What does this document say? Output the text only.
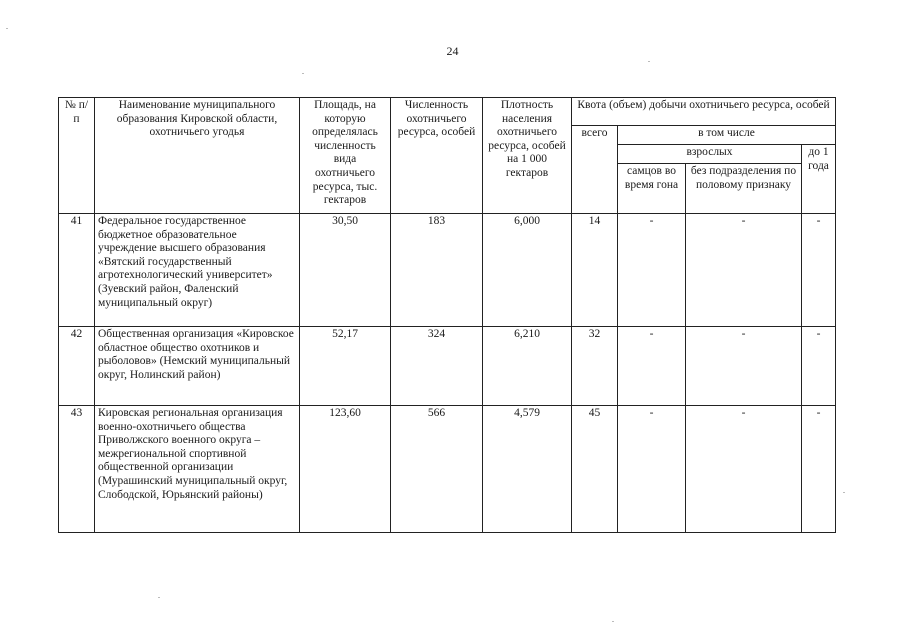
24
№ п/п	Наименование муниципального образования Кировской области, охотничьего угодья	Площадь, на которую определялась численность вида охотничьего ресурса, тыс. гектаров	Численность охотничьего ресурса, особей	Плотность населения охотничьего ресурса, особей на 1 000 гектаров	Квота (объем) добычи охотничьего ресурса, особей			
					всего	в том числе		
						взрослых		до 1 года
						самцов во время гона	без подразделения по половому признаку	
41	Федеральное государственное бюджетное образовательное учреждение высшего образования «Вятский государственный агротехнологический университет» (Зуевский район, Фаленский муниципальный округ)	30,50	183	6,000	14	-	-	-
42	Общественная организация «Кировское областное общество охотников и рыболовов» (Немский муниципальный округ, Нолинский район)	52,17	324	6,210	32	-	-	-
43	Кировская региональная организация военно-охотничьего общества Приволжского военного округа – межрегиональной спортивной общественной организации (Мурашинский муниципальный округ, Слободской, Юрьянский районы)	123,60	566	4,579	45	-	-	-
